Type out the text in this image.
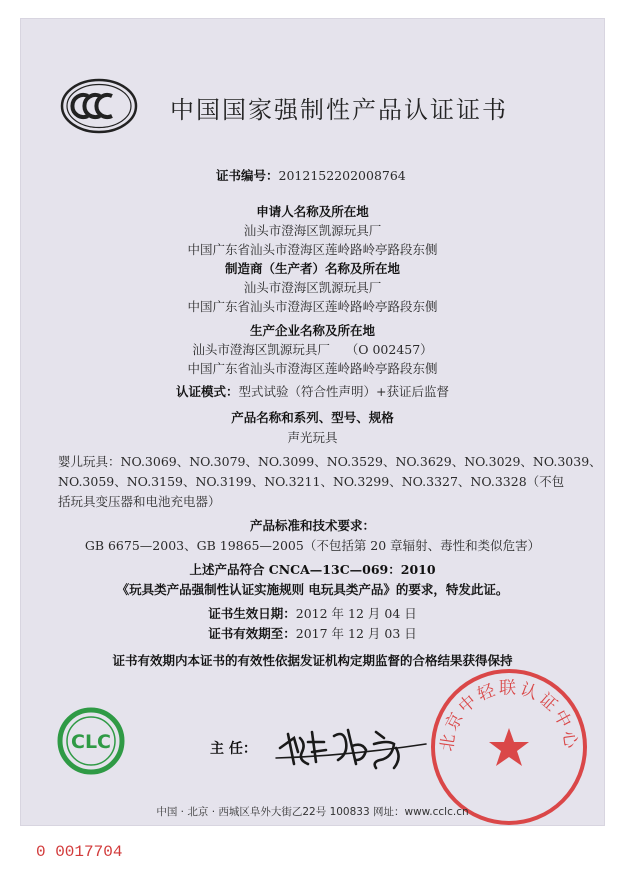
中国国家强制性产品认证证书
证书编号：2012152202008764
申请人名称及所在地
汕头市澄海区凯源玩具厂
中国广东省汕头市澄海区莲岭路岭亭路段东侧
制造商（生产者）名称及所在地
汕头市澄海区凯源玩具厂
中国广东省汕头市澄海区莲岭路岭亭路段东侧
生产企业名称及所在地
汕头市澄海区凯源玩具厂 （O 002457）
中国广东省汕头市澄海区莲岭路岭亭路段东侧
认证模式：型式试验（符合性声明）+获证后监督
产品名称和系列、型号、规格
声光玩具
婴儿玩具：NO.3069、NO.3079、NO.3099、NO.3529、NO.3629、NO.3029、NO.3039、
NO.3059、NO.3159、NO.3199、NO.3211、NO.3299、NO.3327、NO.3328（不包
括玩具变压器和电池充电器）
产品标准和技术要求：
GB 6675—2003、GB 19865—2005（不包括第 20 章辐射、毒性和类似危害）
上述产品符合 CNCA—13C—069：2010
《玩具类产品强制性认证实施规则 电玩具类产品》的要求，特发此证。
证书生效日期：2012 年 12 月 04 日
证书有效期至：2017 年 12 月 03 日
证书有效期内本证书的有效性依据发证机构定期监督的合格结果获得保持
CLC	主 任：	北京中轻联认证中心
中国 · 北京 · 西城区阜外大街乙22号 100833 网址：www.cclc.cn
0 0017704
